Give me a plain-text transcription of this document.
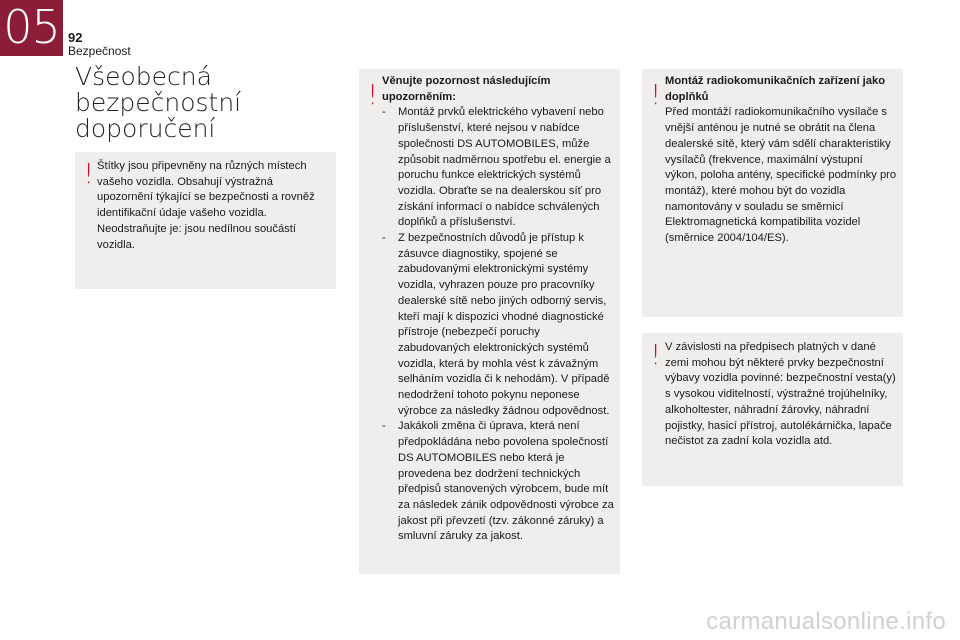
05 92
Bezpečnost
Všeobecná bezpečnostní doporučení
! Štítky jsou připevněny na různých místech vašeho vozidla. Obsahují výstražná upozornění týkající se bezpečnosti a rovněž identifikační údaje vašeho vozidla. Neodstraňujte je: jsou nedílnou součástí vozidla.
! Věnujte pozornost následujícím upozorněním:
- Montáž prvků elektrického vybavení nebo příslušenství, které nejsou v nabídce společnosti DS AUTOMOBILES, může způsobit nadměrnou spotřebu el. energie a poruchu funkce elektrických systémů vozidla. Obraťte se na dealerskou síť pro získání informací o nabídce schválených doplňků a příslušenství.
- Z bezpečnostních důvodů je přístup k zásuvce diagnostiky, spojené se zabudovanými elektronickými systémy vozidla, vyhrazen pouze pro pracovníky dealerské sítě nebo jiných odborný servis, kteří mají k dispozici vhodné diagnostické přístroje (nebezpečí poruchy zabudovaných elektronických systémů vozidla, která by mohla vést k závažným selháním vozidla či k nehodám). V případě nedodržení tohoto pokynu neponese výrobce za následky žádnou odpovědnost.
- Jakákoli změna či úprava, která není předpokládána nebo povolena společností DS AUTOMOBILES nebo která je provedena bez dodržení technických předpisů stanovených výrobcem, bude mít za následek zánik odpovědnosti výrobce za jakost při převzetí (tzv. zákonné záruky) a smluvní záruky za jakost.
! Montáž radiokomunikačních zařízení jako doplňků

Před montáží radiokomunikačního vysílače s vnější anténou je nutné se obrátit na člena dealerské sítě, který vám sdělí charakteristiky vysílačů (frekvence, maximální výstupní výkon, poloha antény, specifické podmínky pro montáž), které mohou být do vozidla namontovány v souladu se směrnicí Elektromagnetická kompatibilita vozidel (směrnice 2004/104/ES).

! V závislosti na předpisech platných v dané zemi mohou být některé prvky bezpečnostní výbavy vozidla povinné: bezpečnostní vesta(y) s vysokou viditelností, výstražné trojúhelníky, alkoholtester, náhradní žárovky, náhradní pojistky, hasicí přístroj, autolékárnička, lapače nečistot za zadní kola vozidla atd.
carmanualsonline.info
